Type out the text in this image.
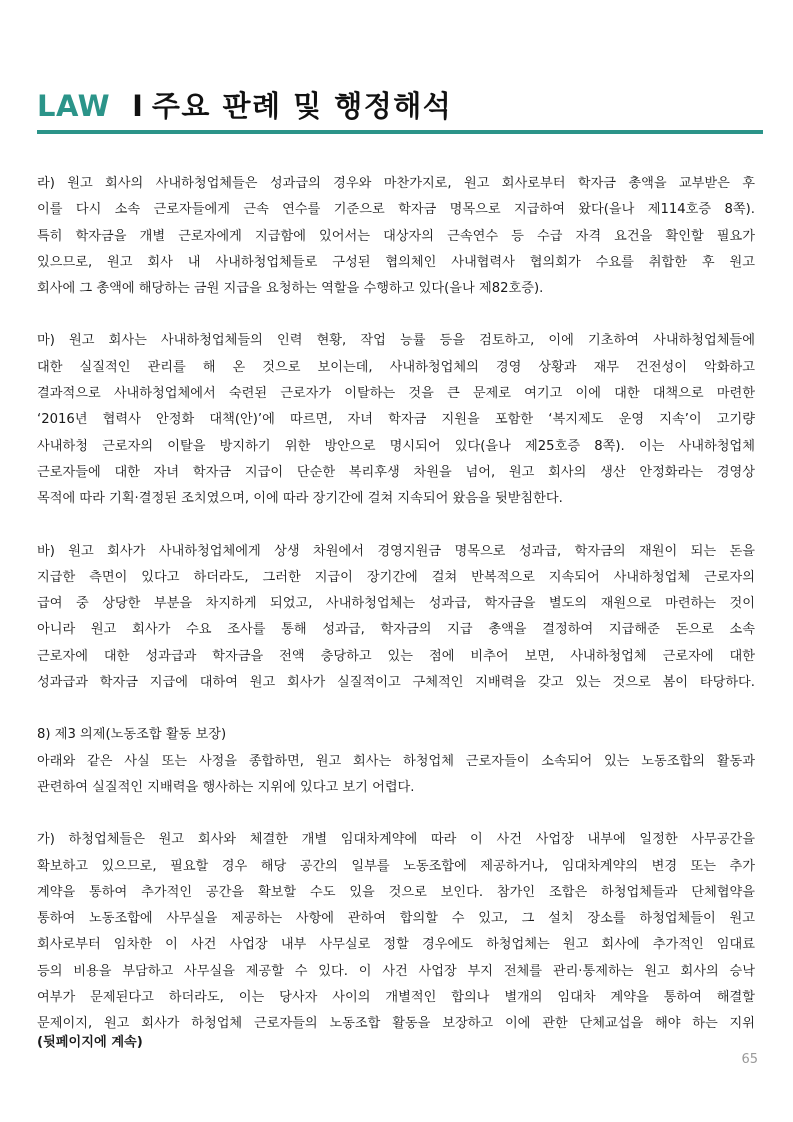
LAW I 주요 판례 및 행정해석
라) 원고 회사의 사내하청업체들은 성과급의 경우와 마찬가지로, 원고 회사로부터 학자금 총액을 교부받은 후
이를 다시 소속 근로자들에게 근속 연수를 기준으로 학자금 명목으로 지급하여 왔다(을나 제114호증 8쪽).
특히 학자금을 개별 근로자에게 지급함에 있어서는 대상자의 근속연수 등 수급 자격 요건을 확인할 필요가
있으므로, 원고 회사 내 사내하청업체들로 구성된 협의체인 사내협력사 협의회가 수요를 취합한 후 원고
회사에 그 총액에 해당하는 금원 지급을 요청하는 역할을 수행하고 있다(을나 제82호증).
마) 원고 회사는 사내하청업체들의 인력 현황, 작업 능률 등을 검토하고, 이에 기초하여 사내하청업체들에
대한 실질적인 관리를 해 온 것으로 보이는데, 사내하청업체의 경영 상황과 재무 건전성이 악화하고
결과적으로 사내하청업체에서 숙련된 근로자가 이탈하는 것을 큰 문제로 여기고 이에 대한 대책으로 마련한
‘2016년 협력사 안정화 대책(안)’에 따르면, 자녀 학자금 지원을 포함한 ‘복지제도 운영 지속’이 고기량
사내하청 근로자의 이탈을 방지하기 위한 방안으로 명시되어 있다(을나 제25호증 8쪽). 이는 사내하청업체
근로자들에 대한 자녀 학자금 지급이 단순한 복리후생 차원을 넘어, 원고 회사의 생산 안정화라는 경영상
목적에 따라 기획·결정된 조치였으며, 이에 따라 장기간에 걸쳐 지속되어 왔음을 뒷받침한다.
바) 원고 회사가 사내하청업체에게 상생 차원에서 경영지원금 명목으로 성과급, 학자금의 재원이 되는 돈을
지급한 측면이 있다고 하더라도, 그러한 지급이 장기간에 걸쳐 반복적으로 지속되어 사내하청업체 근로자의
급여 중 상당한 부분을 차지하게 되었고, 사내하청업체는 성과급, 학자금을 별도의 재원으로 마련하는 것이
아니라 원고 회사가 수요 조사를 통해 성과급, 학자금의 지급 총액을 결정하여 지급해준 돈으로 소속
근로자에 대한 성과급과 학자금을 전액 충당하고 있는 점에 비추어 보면, 사내하청업체 근로자에 대한
성과급과 학자금 지급에 대하여 원고 회사가 실질적이고 구체적인 지배력을 갖고 있는 것으로 봄이 타당하다.
8) 제3 의제(노동조합 활동 보장)
아래와 같은 사실 또는 사정을 종합하면, 원고 회사는 하청업체 근로자들이 소속되어 있는 노동조합의 활동과
관련하여 실질적인 지배력을 행사하는 지위에 있다고 보기 어렵다.
가) 하청업체들은 원고 회사와 체결한 개별 임대차계약에 따라 이 사건 사업장 내부에 일정한 사무공간을
확보하고 있으므로, 필요할 경우 해당 공간의 일부를 노동조합에 제공하거나, 임대차계약의 변경 또는 추가
계약을 통하여 추가적인 공간을 확보할 수도 있을 것으로 보인다. 참가인 조합은 하청업체들과 단체협약을
통하여 노동조합에 사무실을 제공하는 사항에 관하여 합의할 수 있고, 그 설치 장소를 하청업체들이 원고
회사로부터 임차한 이 사건 사업장 내부 사무실로 정할 경우에도 하청업체는 원고 회사에 추가적인 임대료
등의 비용을 부담하고 사무실을 제공할 수 있다. 이 사건 사업장 부지 전체를 관리·통제하는 원고 회사의 승낙
여부가 문제된다고 하더라도, 이는 당사자 사이의 개별적인 합의나 별개의 임대차 계약을 통하여 해결할
문제이지, 원고 회사가 하청업체 근로자들의 노동조합 활동을 보장하고 이에 관한 단체교섭을 해야 하는 지위
(뒷페이지에 계속)
65
